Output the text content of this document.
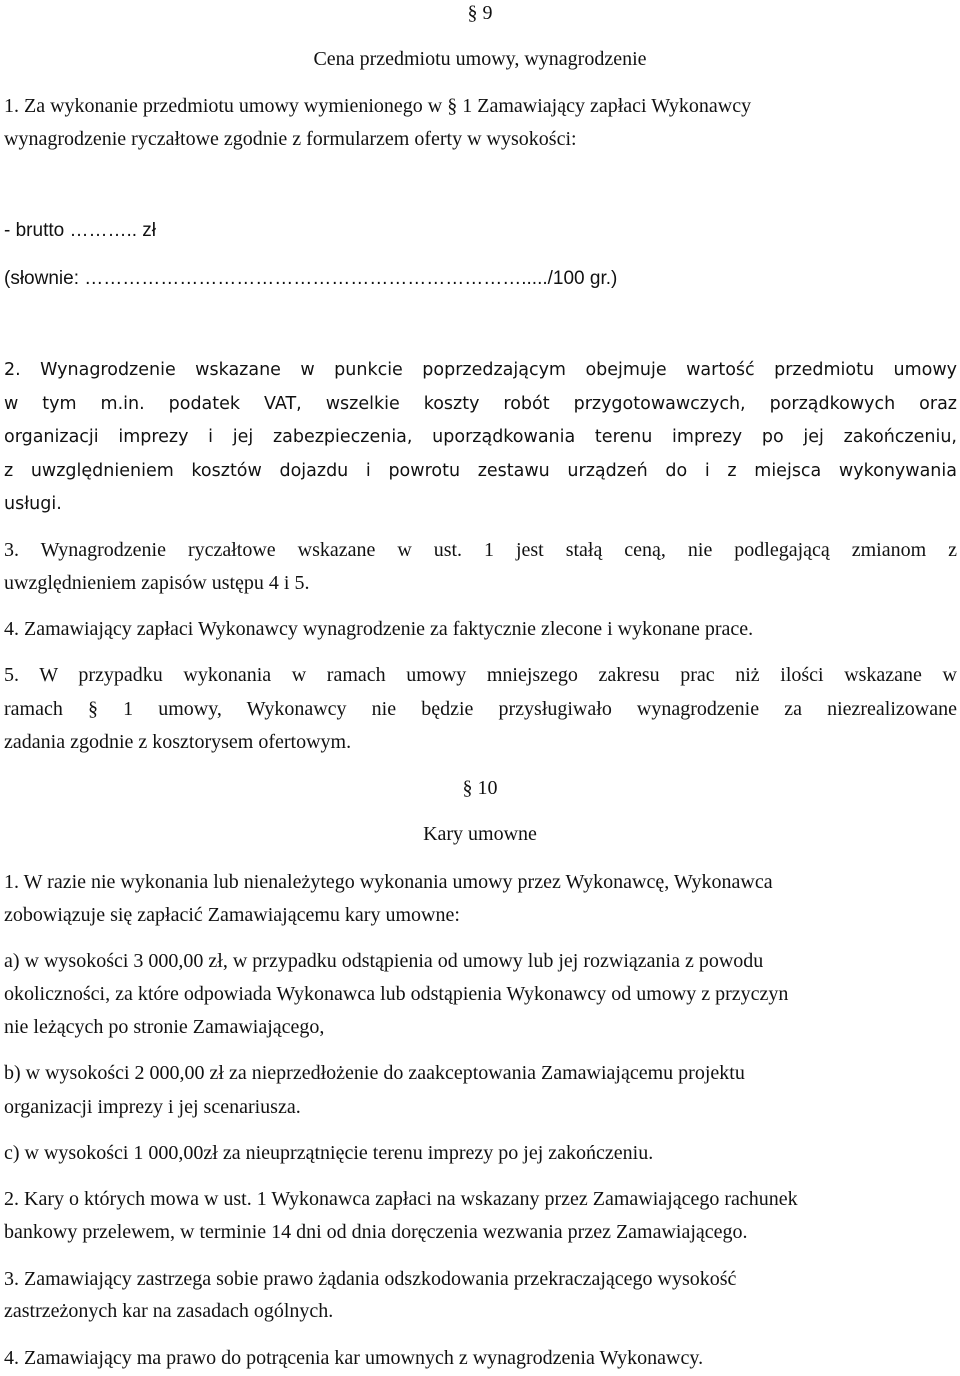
§ 9
Cena przedmiotu umowy, wynagrodzenie
1. Za wykonanie przedmiotu umowy wymienionego w § 1 Zamawiający zapłaci Wykonawcy
wynagrodzenie ryczałtowe zgodnie z formularzem oferty w wysokości:
- brutto ……….. zł
(słownie: ……………………………………………………………...../100 gr.)
2. Wynagrodzenie wskazane w punkcie poprzedzającym obejmuje wartość przedmiotu umowy
w tym m.in. podatek VAT, wszelkie koszty robót przygotowawczych, porządkowych oraz
organizacji imprezy i jej zabezpieczenia, uporządkowania terenu imprezy po jej zakończeniu,
z uwzględnieniem kosztów dojazdu i powrotu zestawu urządzeń do i z miejsca wykonywania
usługi.
3. Wynagrodzenie ryczałtowe wskazane w ust. 1 jest stałą ceną, nie podlegającą zmianom z
uwzględnieniem zapisów ustępu 4 i 5.
4. Zamawiający zapłaci Wykonawcy wynagrodzenie za faktycznie zlecone i wykonane prace.
5. W przypadku wykonania w ramach umowy mniejszego zakresu prac niż ilości wskazane w
ramach § 1 umowy, Wykonawcy nie będzie przysługiwało wynagrodzenie za niezrealizowane
zadania zgodnie z kosztorysem ofertowym.
§ 10
Kary umowne
1. W razie nie wykonania lub nienależytego wykonania umowy przez Wykonawcę, Wykonawca
zobowiązuje się zapłacić Zamawiającemu kary umowne:
a) w wysokości 3 000,00 zł, w przypadku odstąpienia od umowy lub jej rozwiązania z powodu
okoliczności, za które odpowiada Wykonawca lub odstąpienia Wykonawcy od umowy z przyczyn
nie leżących po stronie Zamawiającego,
b) w wysokości 2 000,00 zł za nieprzedłożenie do zaakceptowania Zamawiającemu projektu
organizacji imprezy i jej scenariusza.
c) w wysokości 1 000,00zł za nieuprzątnięcie terenu imprezy po jej zakończeniu.
2. Kary o których mowa w ust. 1 Wykonawca zapłaci na wskazany przez Zamawiającego rachunek
bankowy przelewem, w terminie 14 dni od dnia doręczenia wezwania przez Zamawiającego.
3. Zamawiający zastrzega sobie prawo żądania odszkodowania przekraczającego wysokość
zastrzeżonych kar na zasadach ogólnych.
4. Zamawiający ma prawo do potrącenia kar umownych z wynagrodzenia Wykonawcy.
